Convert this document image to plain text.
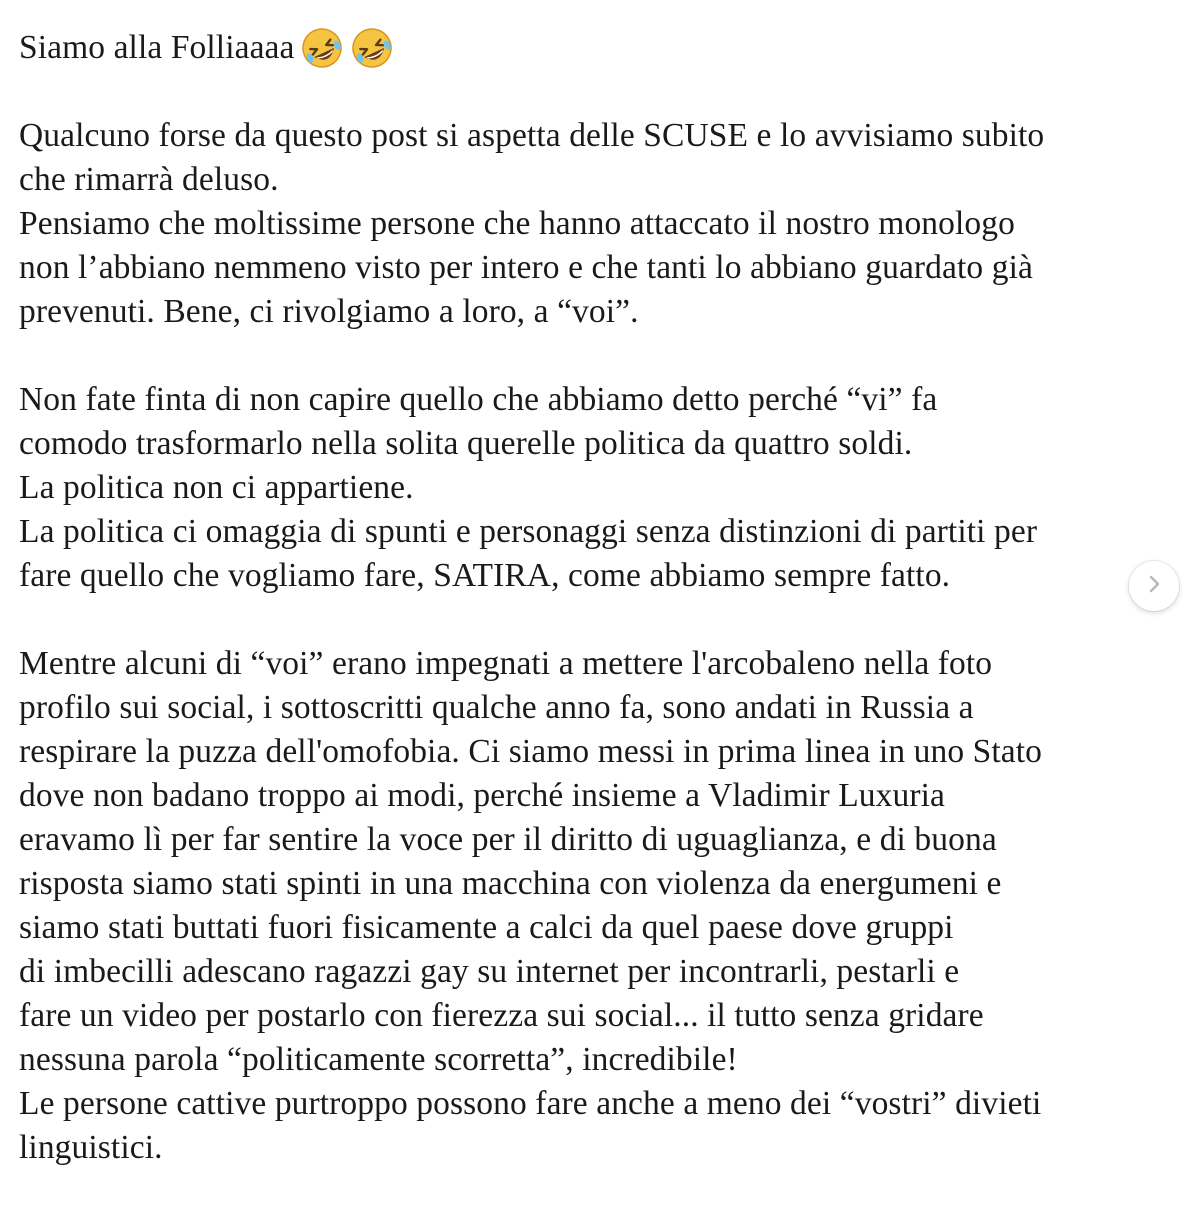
Siamo alla Folliaaaa
Qualcuno forse da questo post si aspetta delle SCUSE e lo avvisiamo subito
che rimarrà deluso.
Pensiamo che moltissime persone che hanno attaccato il nostro monologo
non l’abbiano nemmeno visto per intero e che tanti lo abbiano guardato già
prevenuti. Bene, ci rivolgiamo a loro, a “voi”.
Non fate finta di non capire quello che abbiamo detto perché “vi” fa
comodo trasformarlo nella solita querelle politica da quattro soldi.
La politica non ci appartiene.
La politica ci omaggia di spunti e personaggi senza distinzioni di partiti per
fare quello che vogliamo fare, SATIRA, come abbiamo sempre fatto.
Mentre alcuni di “voi” erano impegnati a mettere l'arcobaleno nella foto
profilo sui social, i sottoscritti qualche anno fa, sono andati in Russia a
respirare la puzza dell'omofobia. Ci siamo messi in prima linea in uno Stato
dove non badano troppo ai modi, perché insieme a Vladimir Luxuria
eravamo lì per far sentire la voce per il diritto di uguaglianza, e di buona
risposta siamo stati spinti in una macchina con violenza da energumeni e
siamo stati buttati fuori fisicamente a calci da quel paese dove gruppi
di imbecilli adescano ragazzi gay su internet per incontrarli, pestarli e
fare un video per postarlo con fierezza sui social... il tutto senza gridare
nessuna parola “politicamente scorretta”, incredibile!
Le persone cattive purtroppo possono fare anche a meno dei “vostri” divieti
linguistici.
